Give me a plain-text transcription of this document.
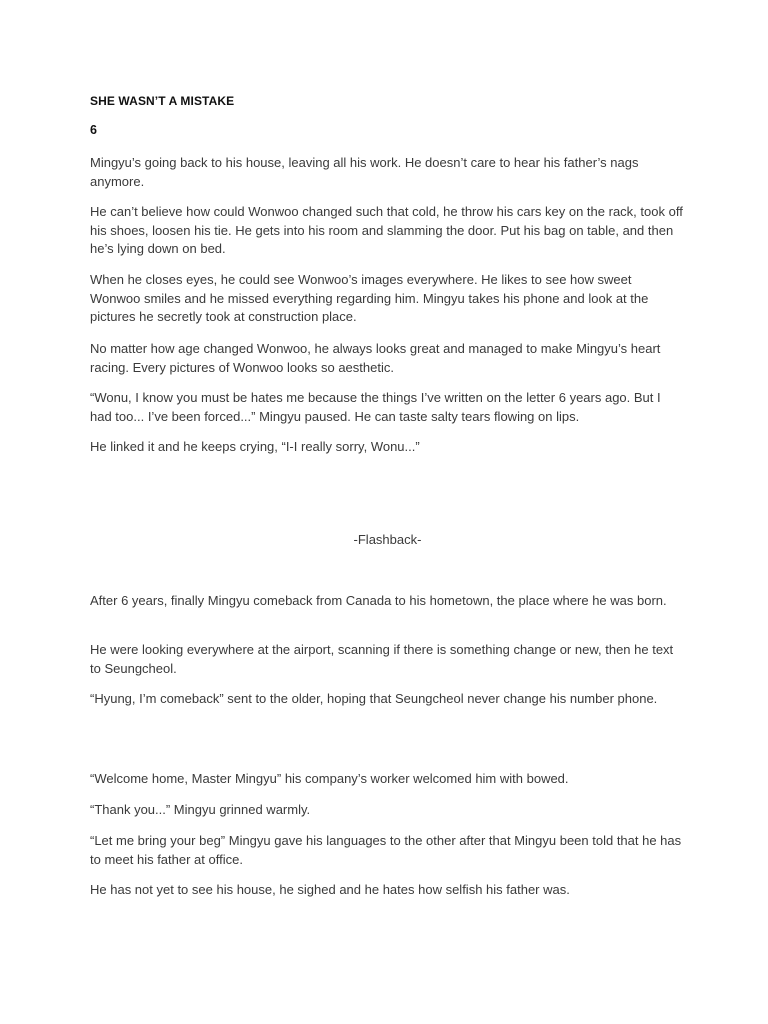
SHE WASN’T A MISTAKE
6

Mingyu’s going back to his house, leaving all his work. He doesn’t care to hear his father’s nags anymore.

He can’t believe how could Wonwoo changed such that cold, he throw his cars key on the rack, took off his shoes, loosen his tie. He gets into his room and slamming the door. Put his bag on table, and then he’s lying down on bed.

When he closes eyes, he could see Wonwoo’s images everywhere. He likes to see how sweet Wonwoo smiles and he missed everything regarding him. Mingyu takes his phone and look at the pictures he secretly took at construction place.

No matter how age changed Wonwoo, he always looks great and managed to make Mingyu’s heart racing. Every pictures of Wonwoo looks so aesthetic.

“Wonu, I know you must be hates me because the things I’ve written on the letter 6 years ago. But I had too... I’ve been forced...” Mingyu paused. He can taste salty tears flowing on lips.

He linked it and he keeps crying, “I-I really sorry, Wonu...”

-Flashback-

After 6 years, finally Mingyu comeback from Canada to his hometown, the place where he was born.

He were looking everywhere at the airport, scanning if there is something change or new, then he text to Seungcheol.

“Hyung, I’m comeback” sent to the older, hoping that Seungcheol never change his number phone.

“Welcome home, Master Mingyu” his company’s worker welcomed him with bowed.

“Thank you...” Mingyu grinned warmly.

“Let me bring your beg” Mingyu gave his languages to the other after that Mingyu been told that he has to meet his father at office.

He has not yet to see his house, he sighed and he hates how selfish his father was.
